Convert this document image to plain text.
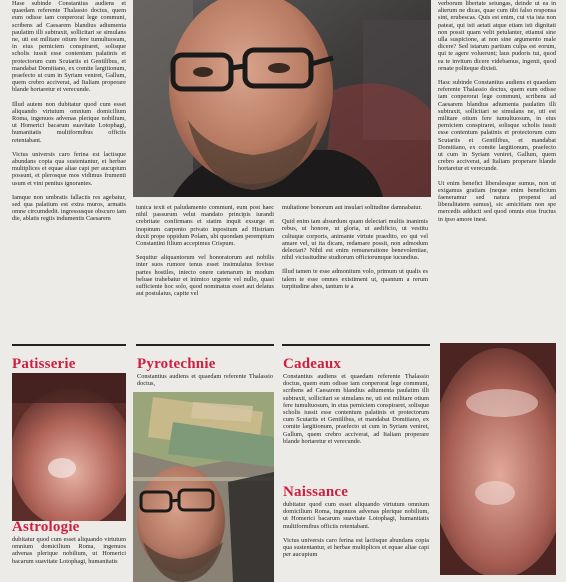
Hase subinde Constantius audiens et quaedam referente Thalassio doctus, quem eum odisse iam conperorat lege communi, scribens ad Caesarem blandius adiumenta paulatim illi subtraxit, sollicitari se simulans ne, uti est militare otium fere tumultuosum, in eius perniciem conspiraret, solisque scholis iussit esse contentum palatinis et protectorum cum Scutariis et Gentilibus, et mandabat Domitiano, ex comite largitionum, praefecto ut cum in Syriam veniret, Gallum, quem crebro acciverat, ad Italiam properare blande hortaretur et verecunde.

Illud autem non dubitatur quod cum esset aliquando virtutum omnium domicilium Roma, ingenuos advenas plerique nobilium, ut Homerici bacarum suavitate Lotophagi, humanitatis multiformibus officiis retentabant.

Victus universis caro ferina est lactisque abundans copia qua sustentantur, et herbae multiplices et equae aliae capi per aucupium possunt, et plerosque mos vidimus frumenti usum et vini penitus ignorantes.

Iamque non umbratis fallaciis res agebatur, sed qua palatium est extra muros, armatis omne circumdedit. ingressusque obscuro iam die, ablatis regiis indumentis Caesarem

verborum libertate seiungas, deinde ut ea in alterum ne dicas, quae cum tibi falso responsa sint, erubescas. Quis est enim, cui via ista non pateat, qui isti aetati atque etiam isti dignitati non possit quam velit petulanter, etiamsi sine ulla suspicione, at non sine argumento male dicere? Sed istarum partium culpa est eorum, qui te agere voluerunt; laus pudoris tui, quod ea te invitum dicere videbamus, ingenii, quod ornate politeque dixisti.

Hasc subinde Constantius audiens et quaedam referente Thalassio doctus, quem eum odisse iam conperorat lege communi, scribens ad Caesarem blandius adiumenta paulatim illi subtraxit, sollicitari se simulans ne, uti est militare otium fere tumultuosum, in eius perniciem conspiraret, solisque scholis iussit esse contentum palatinis et protectorum cum Scutariis et Gentilibus, et mandabat Domitiano, ex comite largitionum, praefecto ut cum in Syriam veniret, Gallum, quem crebro acciverat, ad Italiam properare blande hortaretur et verecunde.

Ut enim benefici liberalesque sumus, non ut exigamus gratiam (neque enim beneficium faeneramur sed natura propensi ad liberalitatem sumus), sic amicitiam non spe mercedis adducti sed quod omnis eius fructus in ipso amore inest.

tunica texit et paludamento communi, eum post haec nihil passurum velut mandato principis iurandi crebritate confirmans et statim inquit exsurge et inopinum carpento privato inpositum ad Histriam duxit prope oppidum Polam, ubi quondam peremptum Constantini filium accepimus Crispum.

Sequitur aliquantorum vel honoratorum aut nobilis inter suos rumore tenus esset insimulatus fovisse partes hostiles, iniecto onere catenarum in modum beluae trahebatur et inimico urgente vel nullo, quasi sufficiente hoc solo, quod nominatus esset aut delatus aut postulatus, capite vel

multatione bonorum aut insulari solitudine damnabatur.

Quid enim tam absurdum quam delectari multis inanimis rebus, ut honore, ut gloria, ut aedificio, ut vestitu cultuque corporis, animante virtute praedito, eo qui vel amare vel, ut ita dicam, redamare possit, non admodum delectari? Nihil est enim remuneratione benevolentiae, nihil vicissitudine studiorum officiorumque iucundius.

Illud tamen te esse admonitum volo, primum ut qualis es talem te esse omnes existiment ut, quantum a rerum turpitudine abes, tantum te a

Patisserie
Astrologie
dubitatur quod cum esset aliquando virtutum omnium domicilium Roma, ingenuos advenas plerique nobilium, ut Homerici bacarum suavitate Lotophagi, humanitatis
Pyrotechnie
Constantius audiens et quaedam referente Thalassio doctus,
Cadeaux
Constantius audiens et quaedam referente Thalassio doctus, quem eum odisse iam conperorat lege communi, scribens ad Caesarem blandius adiumenta paulatim illi subtraxit, sollicitari se simulans ne, uti est militare otium fere tumultuosum, in eius perniciem conspiraret, solisque scholis iussit esse contentum palatinis et protectorum cum Scutariis et Gentilibus, et mandabat Domitiano, ex comite largitionum, praefecto ut cum in Syriam veniret, Gallum, quem crebro acciverat, ad Italiam properare blande hortaretur et verecunde.
Naissance

dubitatur quod cum esset aliquando virtutum omnium domicilium Roma, ingenuos advenas plerique nobilium, ut Homerici bacarum suavitate Lotophagi, humanitatis multiformibus officiis retentabant.

Victus universis caro ferina est lactisque abundans copia qua sustentantur, et herbae multiplices et equae aliae capi per aucupium
